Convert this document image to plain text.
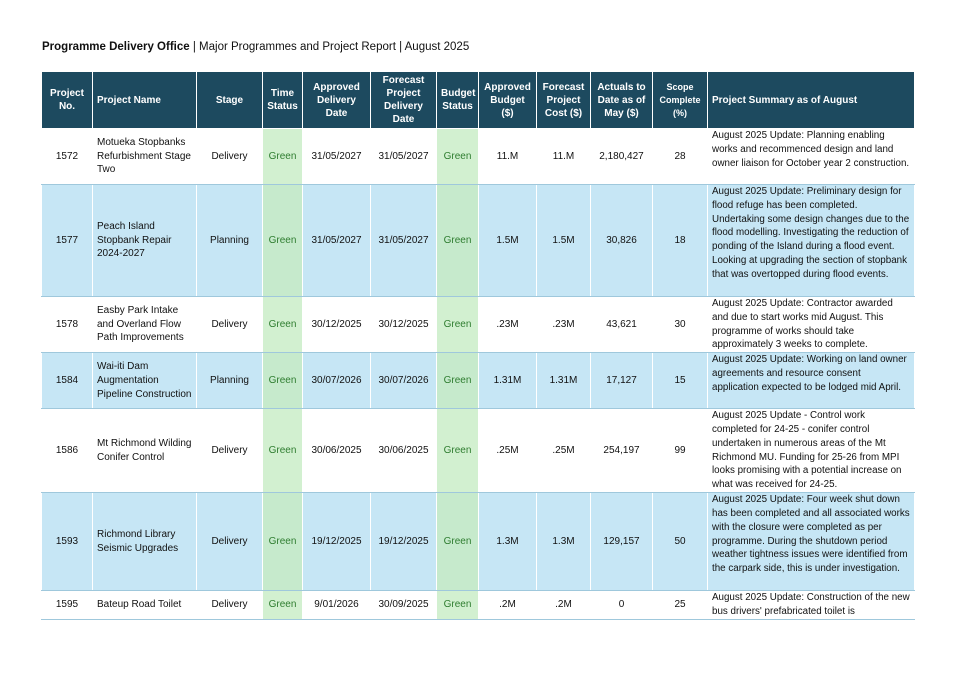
Programme Delivery Office | Major Programmes and Project Report | August 2025
Project No.	Project Name	Stage	Time Status	Approved Delivery Date	Forecast Project Delivery Date	Budget Status	Approved Budget ($)	Forecast Project Cost ($)	Actuals to Date as of May ($)	Scope Complete (%)	Project Summary as of August
1572	Motueka Stopbanks Refurbishment Stage Two	Delivery	Green	31/05/2027	31/05/2027	Green	11.M	11.M	2,180,427	28	August 2025 Update: Planning enabling works and recommenced design and land owner liaison for October year 2 construction.
1577	Peach Island Stopbank Repair 2024-2027	Planning	Green	31/05/2027	31/05/2027	Green	1.5M	1.5M	30,826	18	August 2025 Update: Preliminary design for flood refuge has been completed. Undertaking some design changes due to the flood modelling. Investigating the reduction of ponding of the Island during a flood event. Looking at upgrading the section of stopbank that was overtopped during flood events.
1578	Easby Park Intake and Overland Flow Path Improvements	Delivery	Green	30/12/2025	30/12/2025	Green	.23M	.23M	43,621	30	August 2025 Update: Contractor awarded and due to start works mid August. This programme of works should take approximately 3 weeks to complete.
1584	Wai-iti Dam Augmentation Pipeline Construction	Planning	Green	30/07/2026	30/07/2026	Green	1.31M	1.31M	17,127	15	August 2025 Update: Working on land owner agreements and resource consent application expected to be lodged mid April.
1586	Mt Richmond Wilding Conifer Control	Delivery	Green	30/06/2025	30/06/2025	Green	.25M	.25M	254,197	99	August 2025 Update - Control work completed for 24-25 - conifer control undertaken in numerous areas of the Mt Richmond MU. Funding for 25-26 from MPI looks promising with a potential increase on what was received for 24-25.
1593	Richmond Library Seismic Upgrades	Delivery	Green	19/12/2025	19/12/2025	Green	1.3M	1.3M	129,157	50	August 2025 Update: Four week shut down has been completed and all associated works with the closure were completed as per programme. During the shutdown period weather tightness issues were identified from the carpark side, this is under investigation.
1595	Bateup Road Toilet	Delivery	Green	9/01/2026	30/09/2025	Green	.2M	.2M	0	25	August 2025 Update: Construction of the new bus drivers' prefabricated toilet is
